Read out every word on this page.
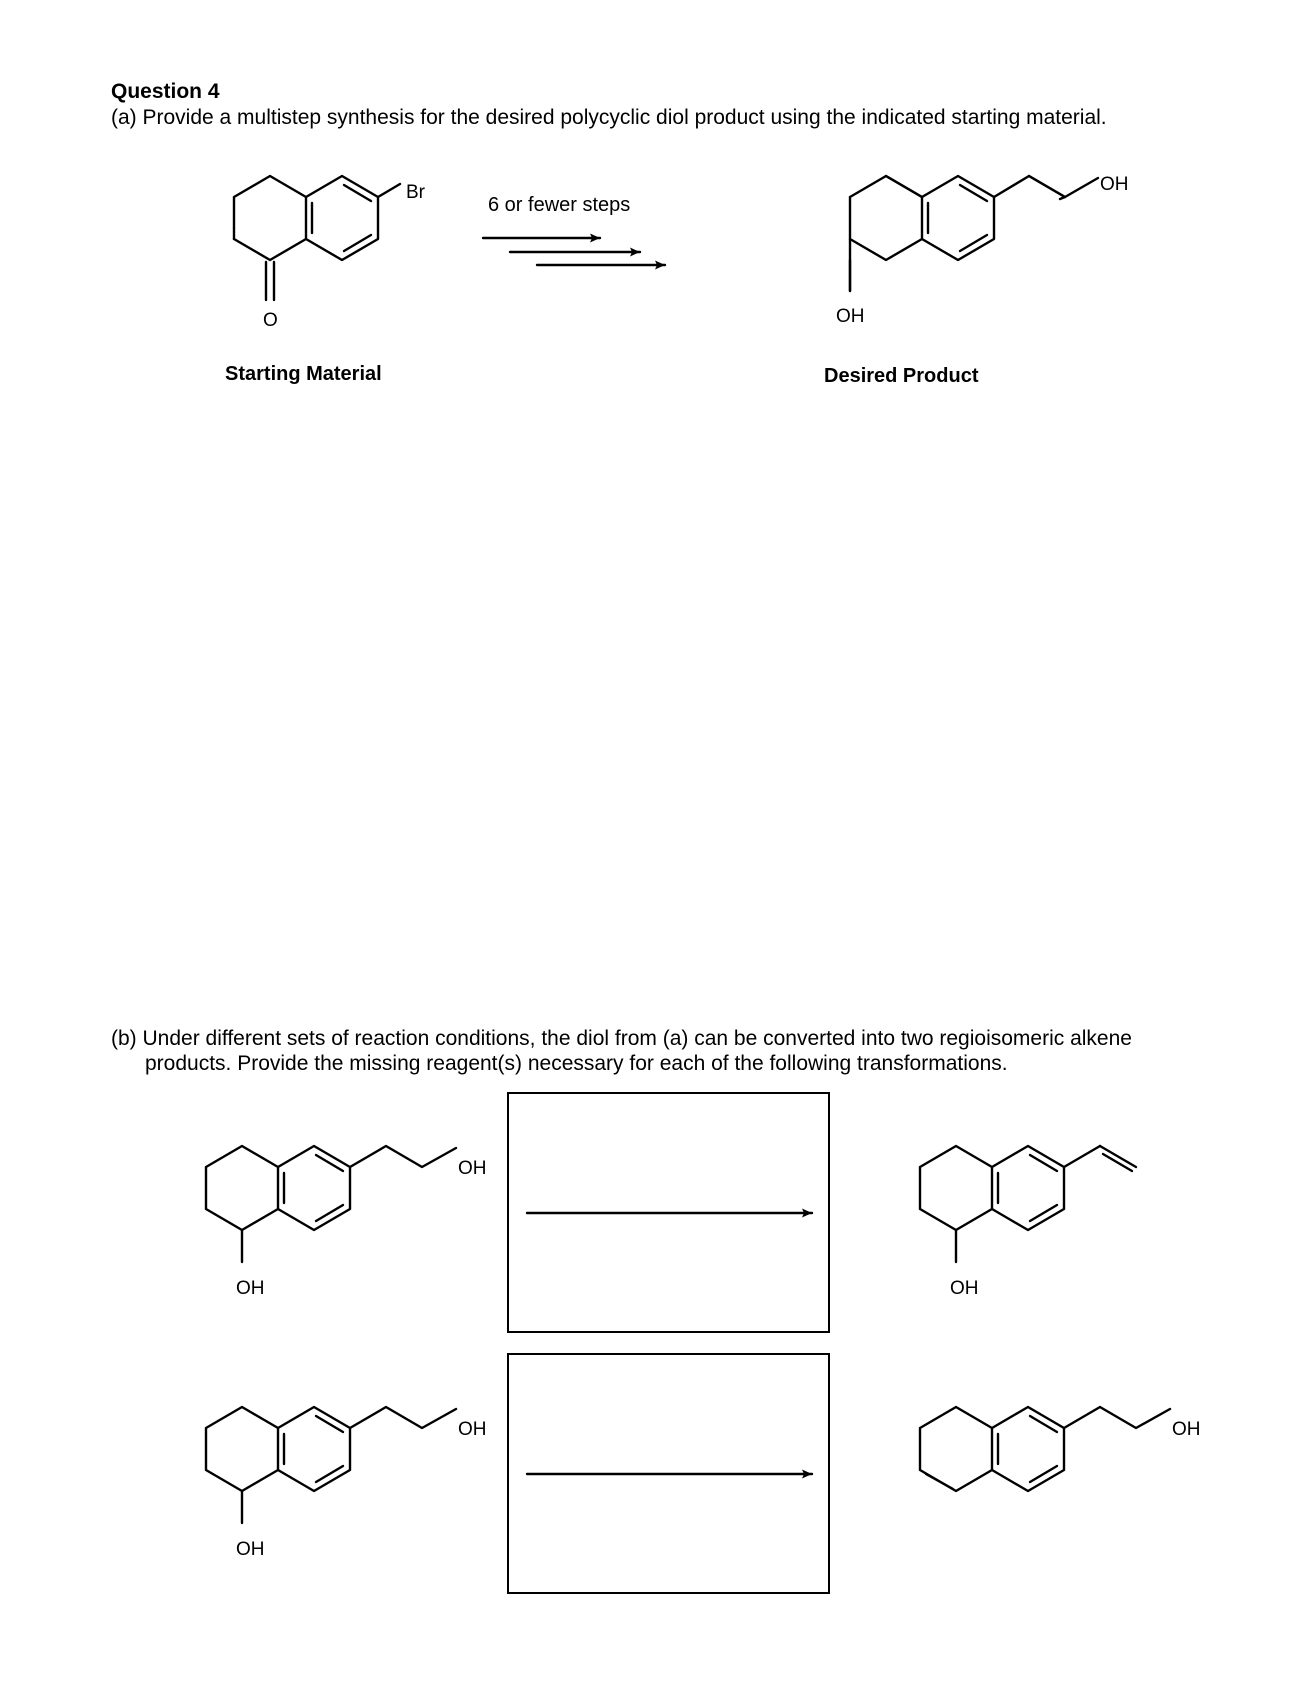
Question 4
(a) Provide a multistep synthesis for the desired polycyclic diol product using the indicated starting material.
6 or fewer steps
Starting Material	Desired Product
(b) Under different sets of reaction conditions, the diol from (a) can be converted into two regioisomeric alkene
products. Provide the missing reagent(s) necessary for each of the following transformations.
Br
O
OH
OH
OH
OH	OH
OH
OH
OH
